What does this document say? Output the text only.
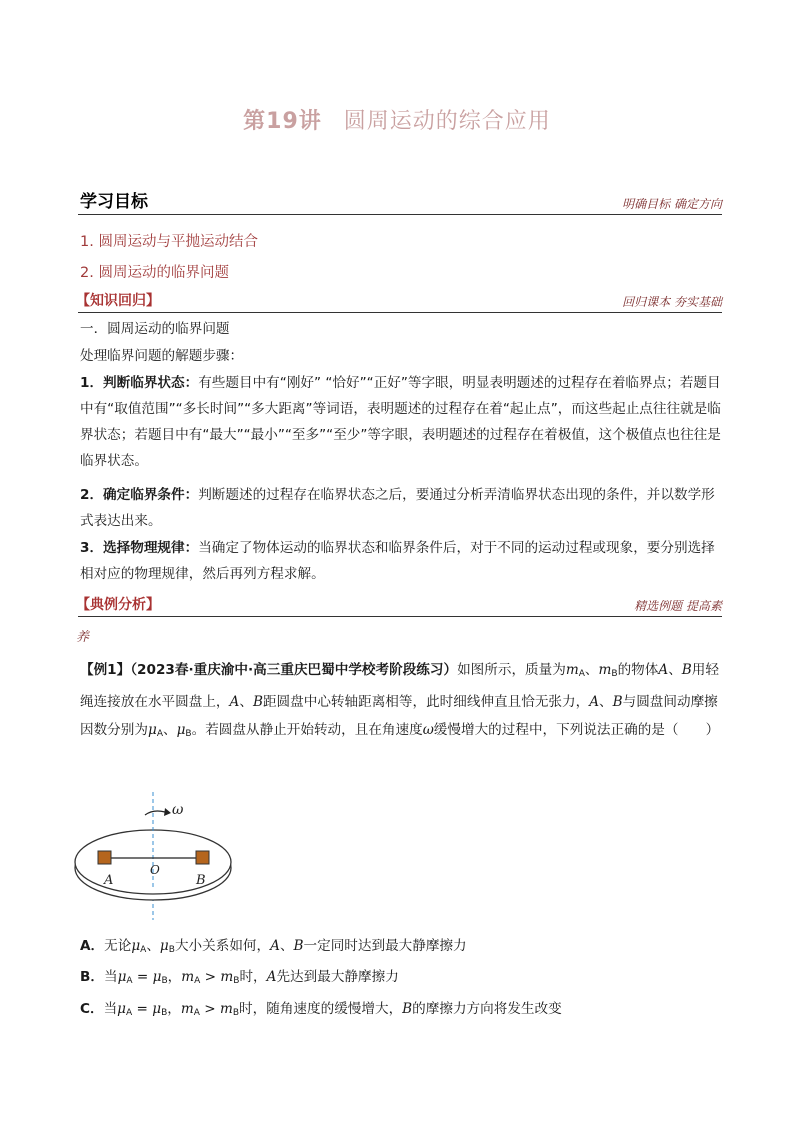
第19讲 圆周运动的综合应用
学习目标	明确目标 确定方向
1. 圆周运动与平抛运动结合
2. 圆周运动的临界问题
【知识回归】	回归课本 夯实基础

一．圆周运动的临界问题

处理临界问题的解题步骤：

1．判断临界状态：有些题目中有“刚好” “恰好”“正好”等字眼，明显表明题述的过程存在着临界点；若题目中有“取值范围”“多长时间”“多大距离”等词语，表明题述的过程存在着“起止点”，而这些起止点往往就是临界状态；若题目中有“最大”“最小”“至多”“至少”等字眼，表明题述的过程存在着极值，这个极值点也往往是临界状态。

2．确定临界条件：判断题述的过程存在临界状态之后，要通过分析弄清临界状态出现的条件，并以数学形式表达出来。

3．选择物理规律：当确定了物体运动的临界状态和临界条件后，对于不同的运动过程或现象，要分别选择相对应的物理规律，然后再列方程求解。

【典例分析】	精选例题 提高素
养

【例1】（2023春·重庆渝中·高三重庆巴蜀中学校考阶段练习）如图所示，质量为$m_A$、$m_B$的物体A、B用轻绳连接放在水平圆盘上，A、B距圆盘中心转轴距离相等，此时细线伸直且恰无张力，A、B与圆盘间动摩擦因数分别为$\mu_A$、$\mu_B$。若圆盘从静止开始转动，且在角速度ω缓慢增大的过程中，下列说法正确的是（　　）

ω
A
O
B
A．无论$\mu_A$、$\mu_B$大小关系如何，A、B一定同时达到最大静摩擦力
B．当$\mu_A = \mu_B$，$m_A > m_B$时，A先达到最大静摩擦力
C．当$\mu_A = \mu_B$，$m_A > m_B$时，随角速度的缓慢增大，B的摩擦力方向将发生改变
